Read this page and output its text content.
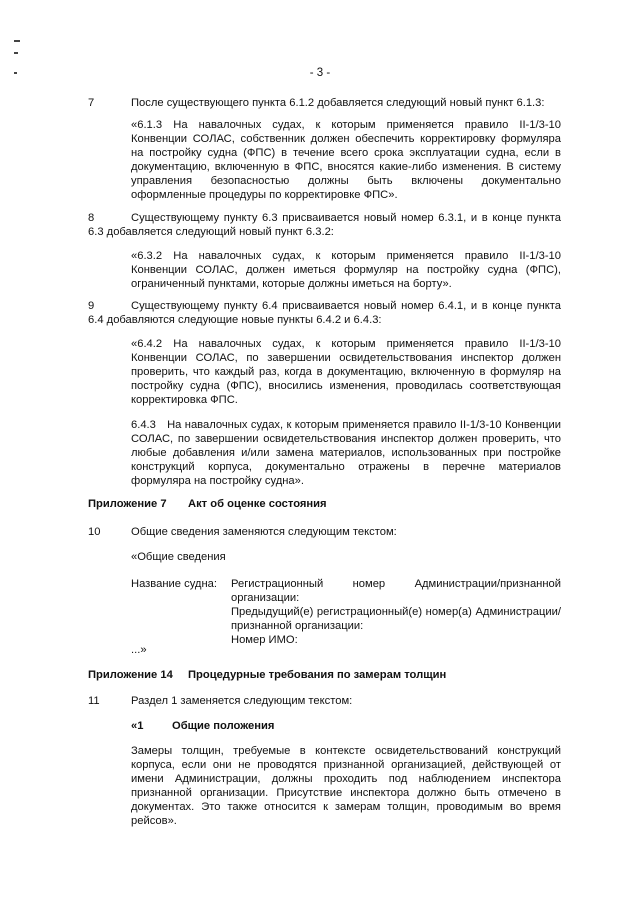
- 3 -
7	После существующего пункта 6.1.2 добавляется следующий новый пункт 6.1.3:
«6.1.3 На навалочных судах, к которым применяется правило II-1/3-10 Конвенции СОЛАС, собственник должен обеспечить корректировку формуляра на постройку судна (ФПС) в течение всего срока эксплуатации судна, если в документацию, включенную в ФПС, вносятся какие-либо изменения. В систему управления безопасностью должны быть включены документально оформленные процедуры по корректировке ФПС».
8	Существующему пункту 6.3 присваивается новый номер 6.3.1, и в конце пункта 6.3 добавляется следующий новый пункт 6.3.2:
«6.3.2 На навалочных судах, к которым применяется правило II-1/3-10 Конвенции СОЛАС, должен иметься формуляр на постройку судна (ФПС), ограниченный пунктами, которые должны иметься на борту».
9	Существующему пункту 6.4 присваивается новый номер 6.4.1, и в конце пункта 6.4 добавляются следующие новые пункты 6.4.2 и 6.4.3:
«6.4.2 На навалочных судах, к которым применяется правило II-1/3-10 Конвенции СОЛАС, по завершении освидетельствования инспектор должен проверить, что каждый раз, когда в документацию, включенную в формуляр на постройку судна (ФПС), вносились изменения, проводилась соответствующая корректировка ФПС.
6.4.3 На навалочных судах, к которым применяется правило II-1/3-10 Конвенции СОЛАС, по завершении освидетельствования инспектор должен проверить, что любые добавления и/или замена материалов, использованных при постройке конструкций корпуса, документально отражены в перечне материалов формуляра на постройку судна».
Приложение 7 Акт об оценке состояния
10	Общие сведения заменяются следующим текстом:
«Общие сведения
Название судна: Регистрационный номер Администрации/признанной организации:
Предыдущий(е) регистрационный(е) номер(а) Администрации/признанной организации:
Номер ИМО:
...»
Приложение 14 Процедурные требования по замерам толщин
11	Раздел 1 заменяется следующим текстом:
«1	Общие положения
Замеры толщин, требуемые в контексте освидетельствований конструкций корпуса, если они не проводятся признанной организацией, действующей от имени Администрации, должны проходить под наблюдением инспектора признанной организации. Присутствие инспектора должно быть отмечено в документах. Это также относится к замерам толщин, проводимым во время рейсов».
